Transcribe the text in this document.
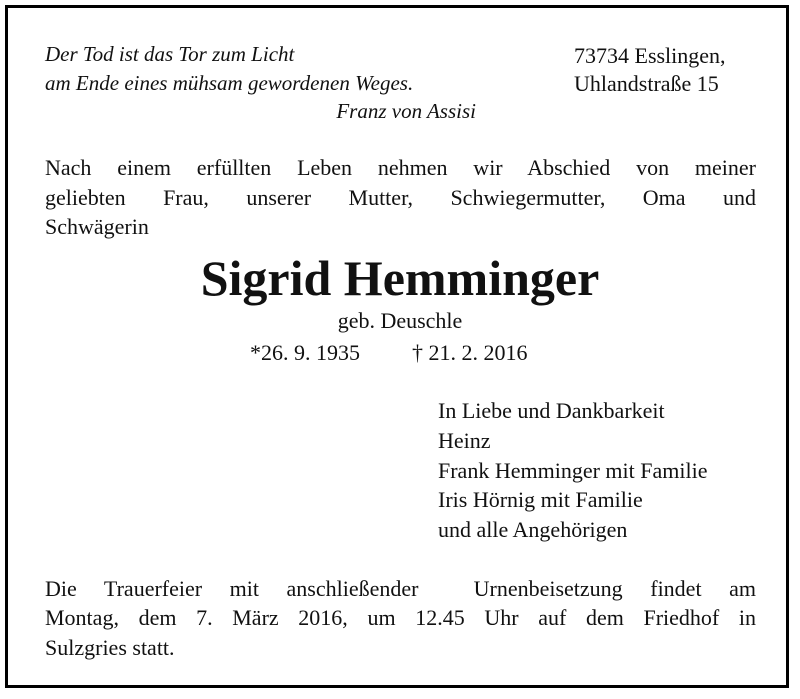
Der Tod ist das Tor zum Licht
am Ende eines mühsam gewordenen Weges.
Franz von Assisi
73734 Esslingen,
Uhlandstraße 15
Nach einem erfüllten Leben nehmen wir Abschied von meiner
geliebten Frau, unserer Mutter, Schwiegermutter, Oma und
Schwägerin
Sigrid Hemminger
geb. Deuschle
*26. 9. 1935 † 21. 2. 2016
In Liebe und Dankbarkeit
Heinz
Frank Hemminger mit Familie
Iris Hörnig mit Familie
und alle Angehörigen
Die Trauerfeier mit anschließender  Urnenbeisetzung findet am
Montag, dem 7. März 2016, um 12.45 Uhr auf dem Friedhof in
Sulzgries statt.
